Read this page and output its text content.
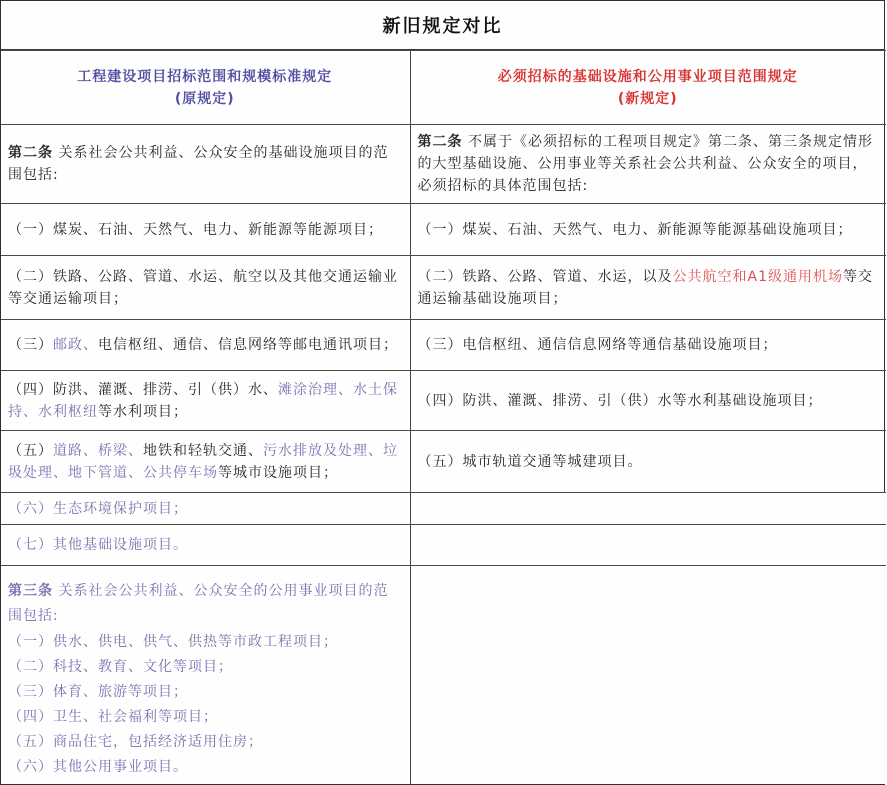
新旧规定对比
工程建设项目招标范围和规模标准规定
(原规定)

必须招标的基础设施和公用事业项目范围规定
(新规定)

第二条 关系社会公共利益、公众安全的基础设施项目的范围包括:	第二条 不属于《必须招标的工程项目规定》第二条、第三条规定情形的大型基础设施、公用事业等关系社会公共利益、公众安全的项目，必须招标的具体范围包括:
（一）煤炭、石油、天然气、电力、新能源等能源项目；	（一）煤炭、石油、天然气、电力、新能源等能源基础设施项目；
（二）铁路、公路、管道、水运、航空以及其他交通运输业等交通运输项目；	（二）铁路、公路、管道、水运，以及公共航空和A1级通用机场等交通运输基础设施项目；
（三）邮政、电信枢纽、通信、信息网络等邮电通讯项目；	（三）电信枢纽、通信信息网络等通信基础设施项目；
（四）防洪、灌溉、排涝、引（供）水、滩涂治理、水土保持、水利枢纽等水利项目；	（四）防洪、灌溉、排涝、引（供）水等水利基础设施项目；
（五）道路、桥梁、地铁和轻轨交通、污水排放及处理、垃圾处理、地下管道、公共停车场等城市设施项目；	（五）城市轨道交通等城建项目。
（六）生态环境保护项目；	
（七）其他基础设施项目。	

第三条 关系社会公共利益、公众安全的公用事业项目的范围包括:
（一）供水、供电、供气、供热等市政工程项目；
（二）科技、教育、文化等项目；
（三）体育、旅游等项目；
（四）卫生、社会福利等项目；
（五）商品住宅，包括经济适用住房；
（六）其他公用事业项目。
